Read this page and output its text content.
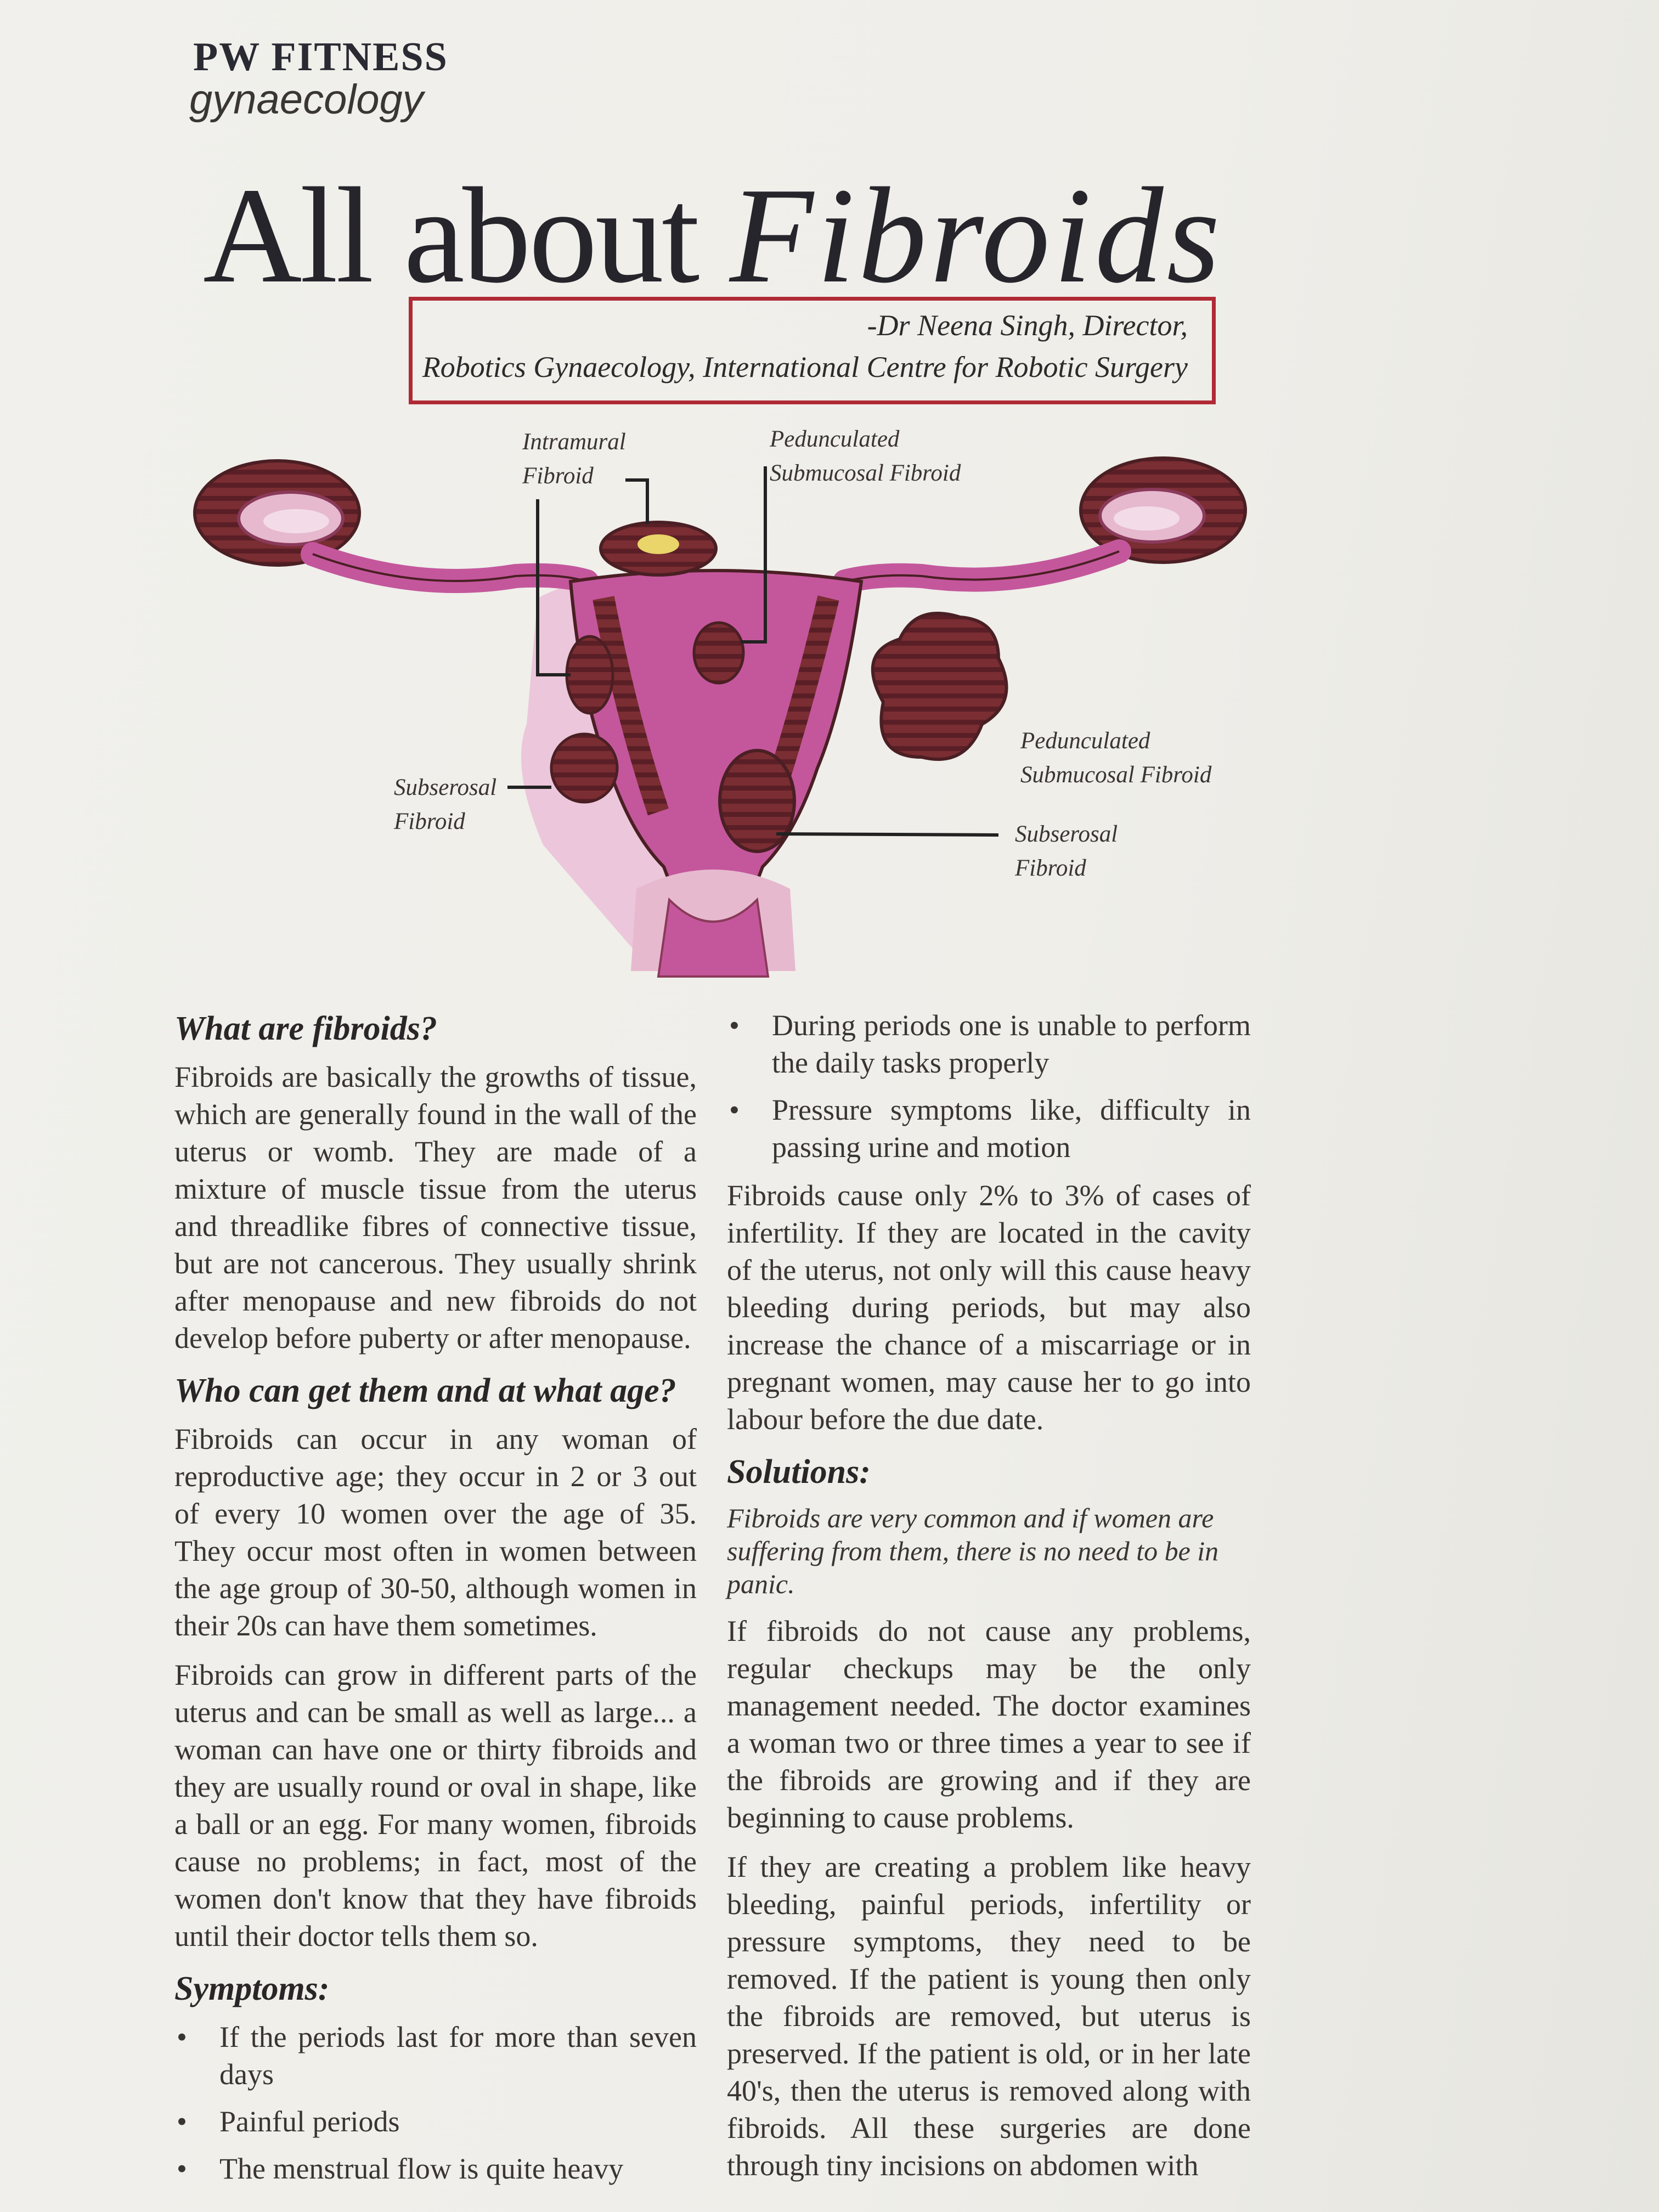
PW FITNESS
gynaecology
All about Fibroids
-Dr Neena Singh, Director,
Robotics Gynaecology, International Centre for Robotic Surgery
Intramural
Fibroid
Pedunculated
Submucosal Fibroid
Pedunculated
Submucosal Fibroid
Subserosal
Fibroid	Subserosal
Fibroid
What are fibroids?

Fibroids are basically the growths of tissue, which are generally found in the wall of the uterus or womb. They are made of a mixture of muscle tissue from the uterus and threadlike fibres of connective tissue, but are not cancerous. They usually shrink after menopause and new fibroids do not develop before puberty or after menopause.

Who can get them and at what age?

Fibroids can occur in any woman of reproductive age; they occur in 2 or 3 out of every 10 women over the age of 35. They occur most often in women between the age group of 30-50, although women in their 20s can have them sometimes.

Fibroids can grow in different parts of the uterus and can be small as well as large... a woman can have one or thirty fibroids and they are usually round or oval in shape, like a ball or an egg. For many women, fibroids cause no problems; in fact, most of the women don't know that they have fibroids until their doctor tells them so.

Symptoms:
• If the periods last for more than seven days
• Painful periods
• The menstrual flow is quite heavy
• During periods one is unable to perform the daily tasks properly
• Pressure symptoms like, difficulty in passing urine and motion

Fibroids cause only 2% to 3% of cases of infertility. If they are located in the cavity of the uterus, not only will this cause heavy bleeding during periods, but may also increase the chance of a miscarriage or in pregnant women, may cause her to go into labour before the due date.

Solutions:

Fibroids are very common and if women are suffering from them, there is no need to be in panic.

If fibroids do not cause any problems, regular checkups may be the only management needed. The doctor examines a woman two or three times a year to see if the fibroids are growing and if they are beginning to cause problems.

If they are creating a problem like heavy bleeding, painful periods, infertility or pressure symptoms, they need to be removed. If the patient is young then only the fibroids are removed, but uterus is preserved. If the patient is old, or in her late 40's, then the uterus is removed along with fibroids. All these surgeries are done through tiny incisions on abdomen with
